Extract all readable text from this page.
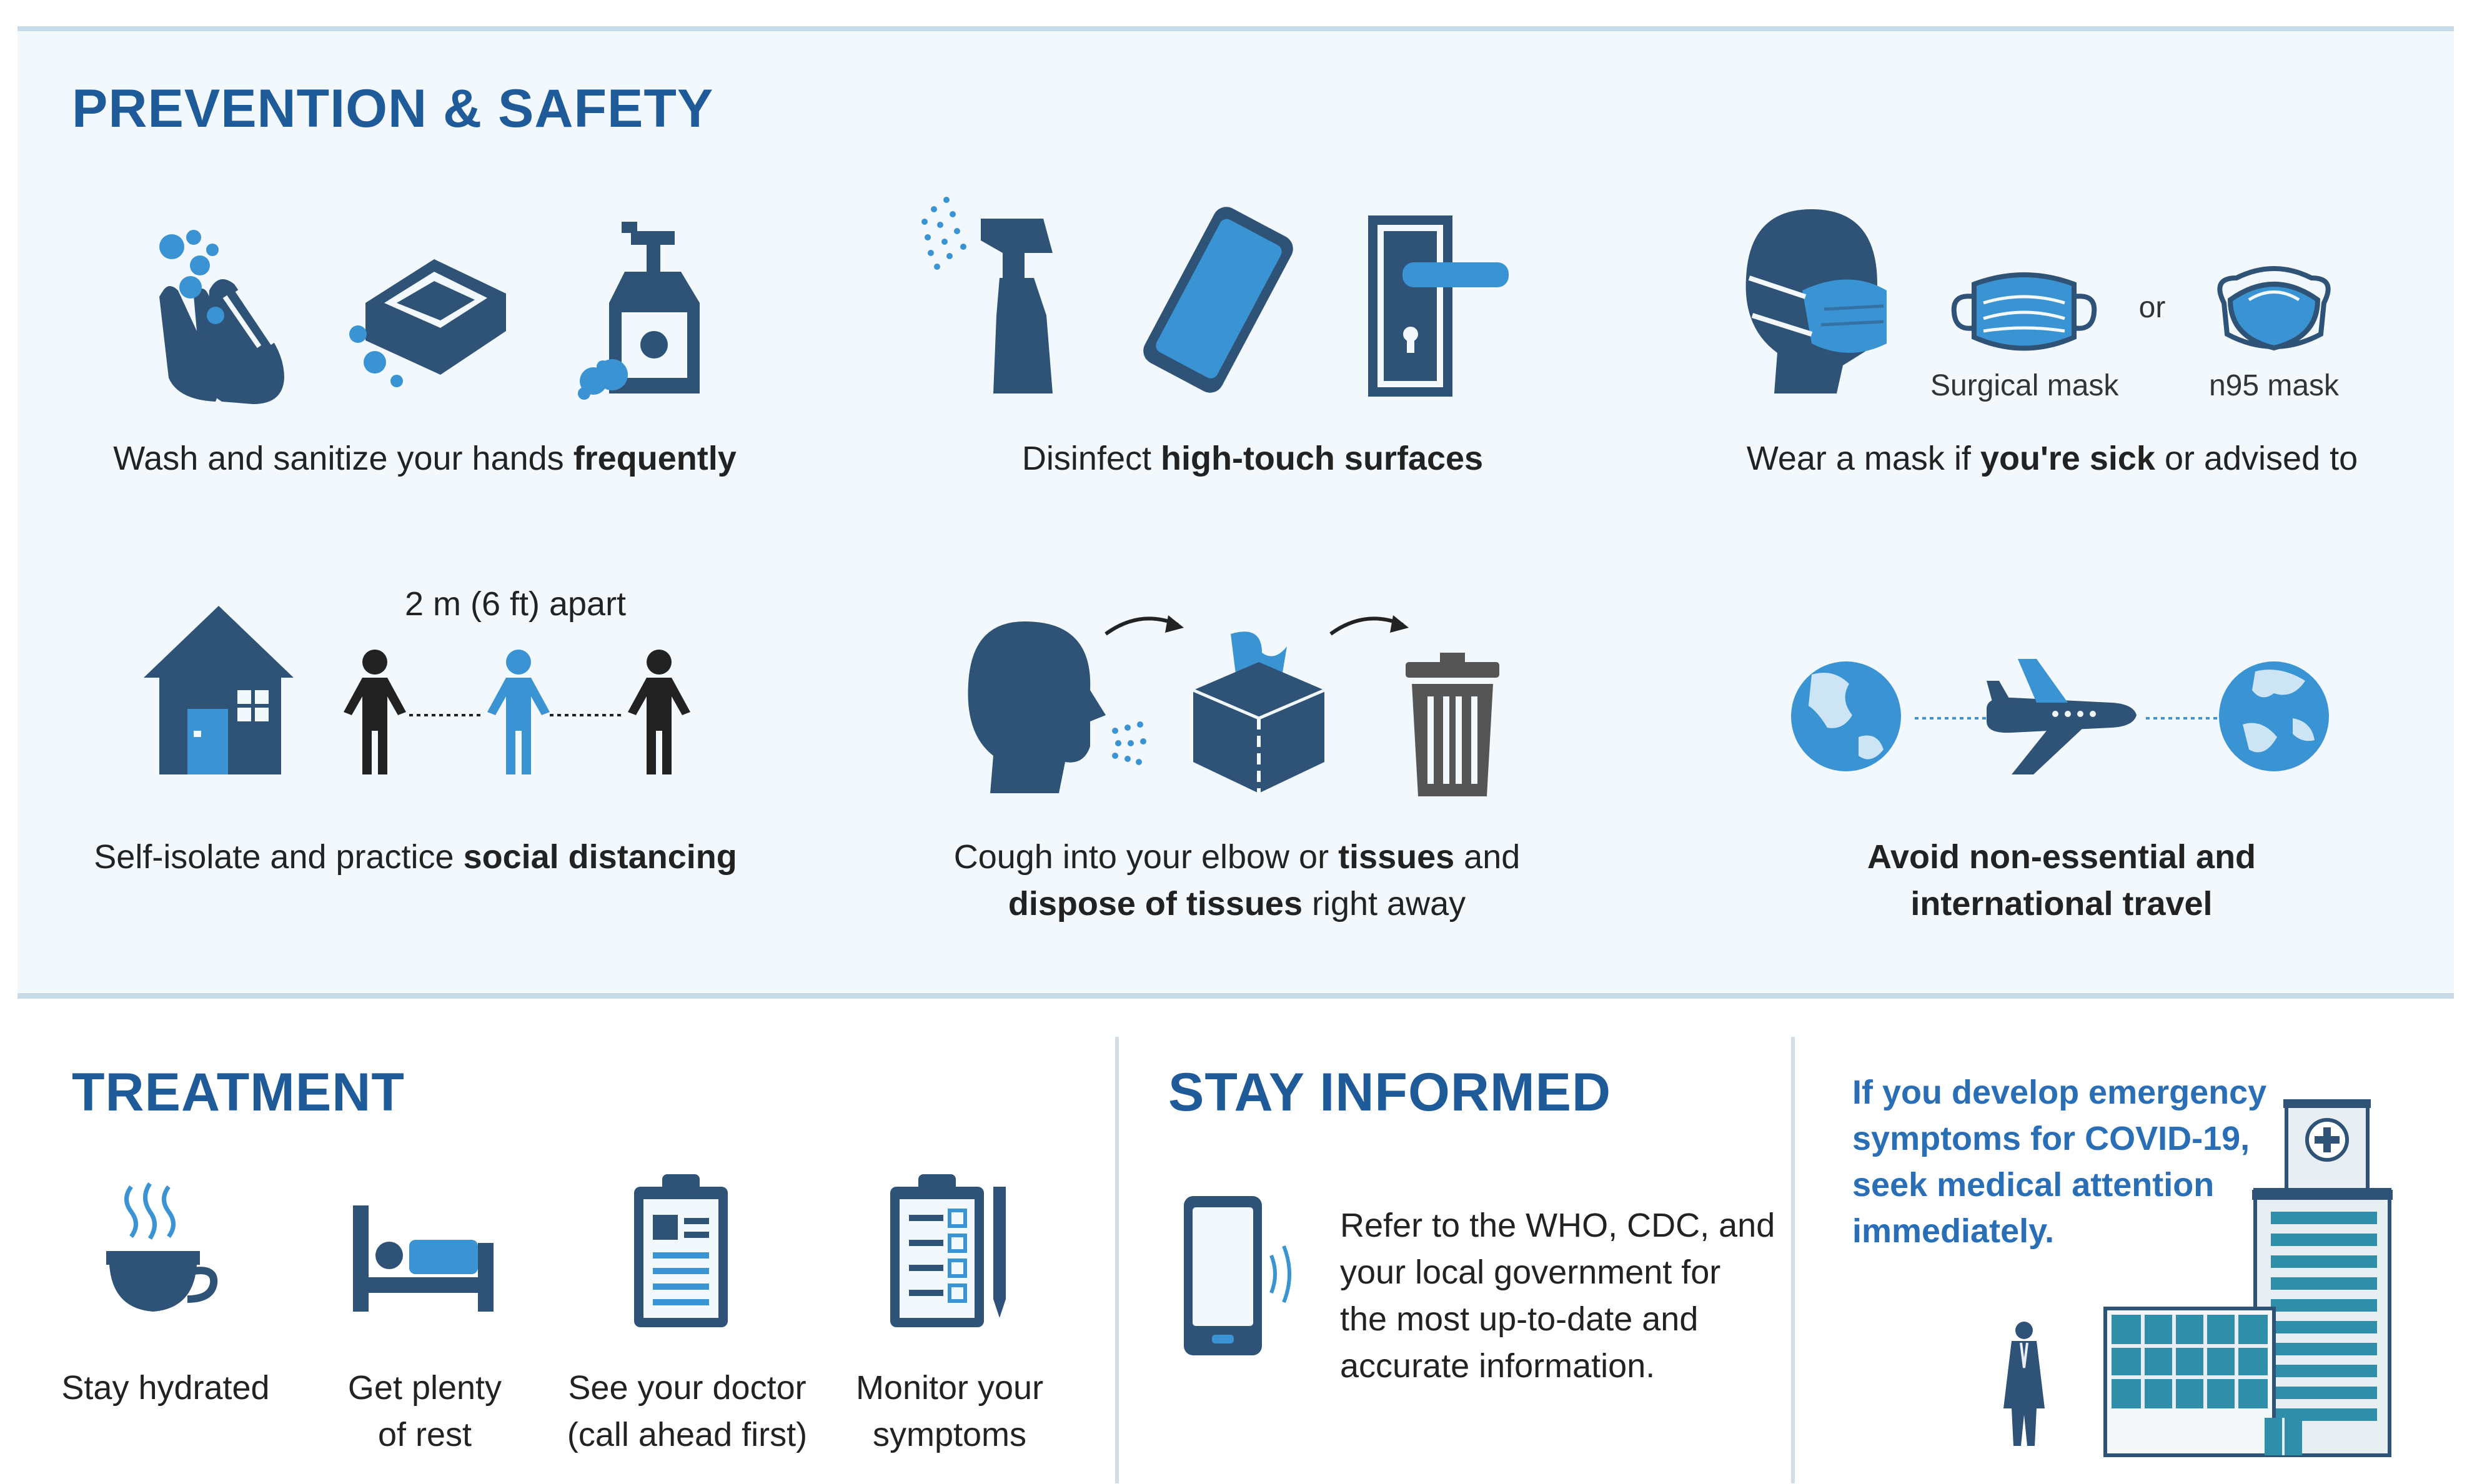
PREVENTION & SAFETY
Wash and sanitize your hands frequently	Disinfect high-touch surfaces
Surgical mask
or
n95 mask
Wear a mask if you're sick or advised to
2 m (6 ft) apart
Self-isolate and practice social distancing	Cough into your elbow or tissues and
dispose of tissues right away
Avoid non-essential and
international travel
TREATMENT
Stay hydrated	Get plenty
of rest
See your doctor
(call ahead first)
Monitor your
symptoms
STAY INFORMED
Refer to the WHO, CDC, and
your local government for
the most up-to-date and
accurate information.
If you develop emergency
symptoms for COVID-19,
seek medical attention
immediately.
